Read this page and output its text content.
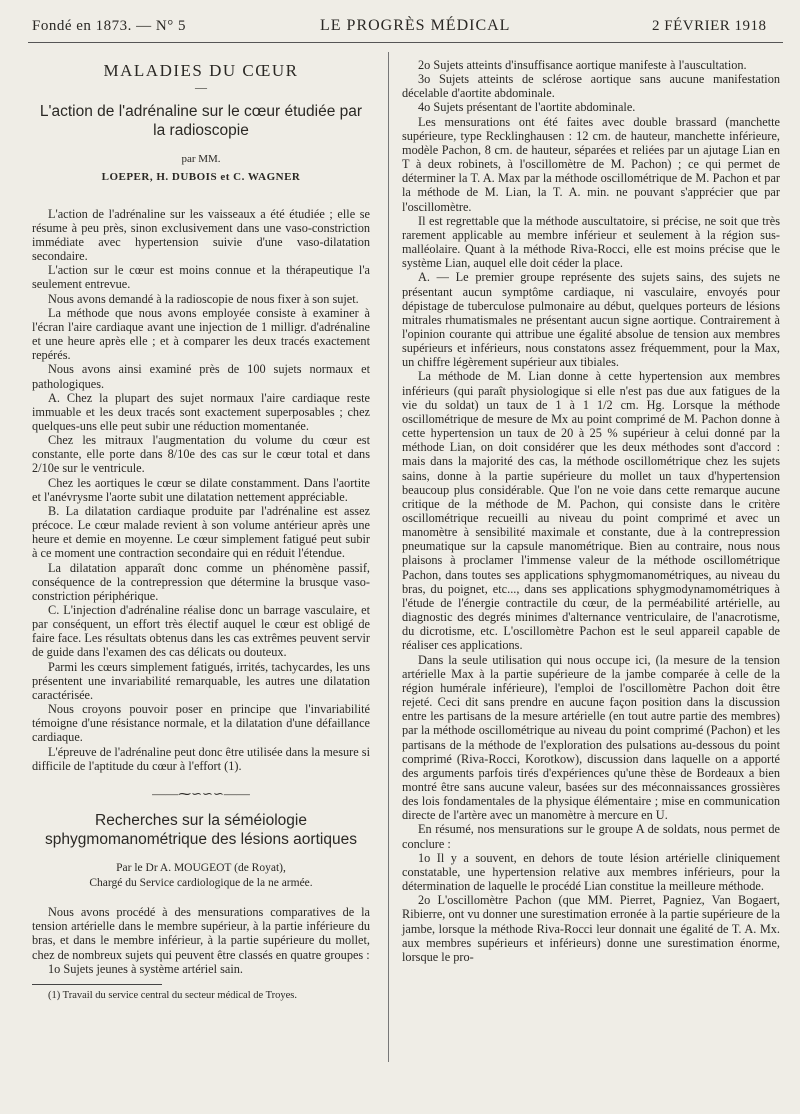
Fondé en 1873. — N° 5	LE PROGRÈS MÉDICAL	2 FÉVRIER 1918
MALADIES DU CŒUR
—
L'action de l'adrénaline sur le cœur étudiée par la radioscopie
par MM.
LOEPER, H. DUBOIS et C. WAGNER

L'action de l'adrénaline sur les vaisseaux a été étudiée ; elle se résume à peu près, sinon exclusivement dans une vaso-constriction immédiate avec hypertension suivie d'une vaso-dilatation secondaire.

L'action sur le cœur est moins connue et la thérapeutique l'a seulement entrevue.

Nous avons demandé à la radioscopie de nous fixer à son sujet.

La méthode que nous avons employée consiste à examiner à l'écran l'aire cardiaque avant une injection de 1 milligr. d'adrénaline et une heure après elle ; et à comparer les deux tracés exactement repérés.

Nous avons ainsi examiné près de 100 sujets normaux et pathologiques.

A. Chez la plupart des sujet normaux l'aire cardiaque reste immuable et les deux tracés sont exactement superposables ; chez quelques-uns elle peut subir une réduction momentanée.

Chez les mitraux l'augmentation du volume du cœur est constante, elle porte dans 8/10e des cas sur le cœur total et dans 2/10e sur le ventricule.

Chez les aortiques le cœur se dilate constamment. Dans l'aortite et l'anévrysme l'aorte subit une dilatation nettement appréciable.

B. La dilatation cardiaque produite par l'adrénaline est assez précoce. Le cœur malade revient à son volume antérieur après une heure et demie en moyenne. Le cœur simplement fatigué peut subir à ce moment une contraction secondaire qui en réduit l'étendue.

La dilatation apparaît donc comme un phénomène passif, conséquence de la contrepression que détermine la brusque vaso-constriction périphérique.

C. L'injection d'adrénaline réalise donc un barrage vasculaire, et par conséquent, un effort très électif auquel le cœur est obligé de faire face. Les résultats obtenus dans les cas extrêmes peuvent servir de guide dans l'examen des cas délicats ou douteux.

Parmi les cœurs simplement fatigués, irrités, tachycardes, les uns présentent une invariabilité remarquable, les autres une dilatation caractérisée.

Nous croyons pouvoir poser en principe que l'invariabilité témoigne d'une résistance normale, et la dilatation d'une défaillance cardiaque.

L'épreuve de l'adrénaline peut donc être utilisée dans la mesure si difficile de l'aptitude du cœur à l'effort (1).

——⁓∽∽∽——
Recherches sur la séméiologie sphygmomanométrique des lésions aortiques
Par le Dr A. MOUGEOT (de Royat),
Chargé du Service cardiologique de la ne armée.

Nous avons procédé à des mensurations comparatives de la tension artérielle dans le membre supérieur, à la partie inférieure du bras, et dans le membre inférieur, à la partie supérieure du mollet, chez de nombreux sujets qui peuvent être classés en quatre groupes :

1o Sujets jeunes à système artériel sain.

(1) Travail du service central du secteur médical de Troyes.

2o Sujets atteints d'insuffisance aortique manifeste à l'auscultation.

3o Sujets atteints de sclérose aortique sans aucune manifestation décelable d'aortite abdominale.

4o Sujets présentant de l'aortite abdominale.

Les mensurations ont été faites avec double brassard (manchette supérieure, type Recklinghausen : 12 cm. de hauteur, manchette inférieure, modèle Pachon, 8 cm. de hauteur, séparées et reliées par un ajutage Lian en T à deux robinets, à l'oscillomètre de M. Pachon) ; ce qui permet de déterminer la T. A. Max par la méthode oscillométrique de M. Pachon et par la méthode de M. Lian, la T. A. min. ne pouvant s'apprécier que par l'oscillomètre.

Il est regrettable que la méthode auscultatoire, si précise, ne soit que très rarement applicable au membre inférieur et seulement à la région sus-malléolaire. Quant à la méthode Riva-Rocci, elle est moins précise que le système Lian, auquel elle doit céder la place.

A. — Le premier groupe représente des sujets sains, des sujets ne présentant aucun symptôme cardiaque, ni vasculaire, envoyés pour dépistage de tuberculose pulmonaire au début, quelques porteurs de lésions mitrales rhumatismales ne présentant aucun signe aortique. Contrairement à l'opinion courante qui attribue une égalité absolue de tension aux membres supérieurs et inférieurs, nous constatons assez fréquemment, pour la Max, un chiffre légèrement supérieur aux tibiales.

La méthode de M. Lian donne à cette hypertension aux membres inférieurs (qui paraît physiologique si elle n'est pas due aux fatigues de la vie du soldat) un taux de 1 à 1 1/2 cm. Hg. Lorsque la méthode oscillométrique de mesure de Mx au point comprimé de M. Pachon donne à cette hypertension un taux de 20 à 25 % supérieur à celui donné par la méthode Lian, on doit considérer que les deux méthodes sont d'accord : mais dans la majorité des cas, la méthode oscillométrique chez les sujets sains, donne à la partie supérieure du mollet un taux d'hypertension beaucoup plus considérable. Que l'on ne voie dans cette remarque aucune critique de la méthode de M. Pachon, qui consiste dans le critère oscillométrique recueilli au niveau du point comprimé et avec un manomètre à sensibilité maximale et constante, due à la contrepression pneumatique sur la capsule manométrique. Bien au contraire, nous nous plaisons à proclamer l'immense valeur de la méthode oscillométrique Pachon, dans toutes ses applications sphygmomanométriques, au niveau du bras, du poignet, etc..., dans ses applications sphygmodynamométriques à l'étude de l'énergie contractile du cœur, de la perméabilité artérielle, au diagnostic des degrés minimes d'alternance ventriculaire, de l'anacrotisme, du dicrotisme, etc. L'oscillomètre Pachon est le seul appareil capable de réaliser ces applications.

Dans la seule utilisation qui nous occupe ici, (la mesure de la tension artérielle Max à la partie supérieure de la jambe comparée à celle de la région humérale inférieure), l'emploi de l'oscillomètre Pachon doit être rejeté. Ceci dit sans prendre en aucune façon position dans la discussion entre les partisans de la mesure artérielle (en tout autre partie des membres) par la méthode oscillométrique au niveau du point comprimé (Pachon) et les partisans de la méthode de l'exploration des pulsations au-dessous du point comprimé (Riva-Rocci, Korotkow), discussion dans laquelle on a apporté des arguments parfois tirés d'expériences qu'une thèse de Bordeaux a bien montré être sans aucune valeur, basées sur des méconnaissances grossières des lois fondamentales de la physique élémentaire ; mise en communication directe de l'artère avec un manomètre à mercure en U.

En résumé, nos mensurations sur le groupe A de soldats, nous permet de conclure :

1o Il y a souvent, en dehors de toute lésion artérielle cliniquement constatable, une hypertension relative aux membres inférieurs, pour la détermination de laquelle le procédé Lian constitue la meilleure méthode.

2o L'oscillomètre Pachon (que MM. Pierret, Pagniez, Van Bogaert, Ribierre, ont vu donner une surestimation erronée à la partie supérieure de la jambe, lorsque la méthode Riva-Rocci leur donnait une égalité de T. A. Mx. aux membres supérieurs et inférieurs) donne une surestimation énorme, lorsque le pro-
